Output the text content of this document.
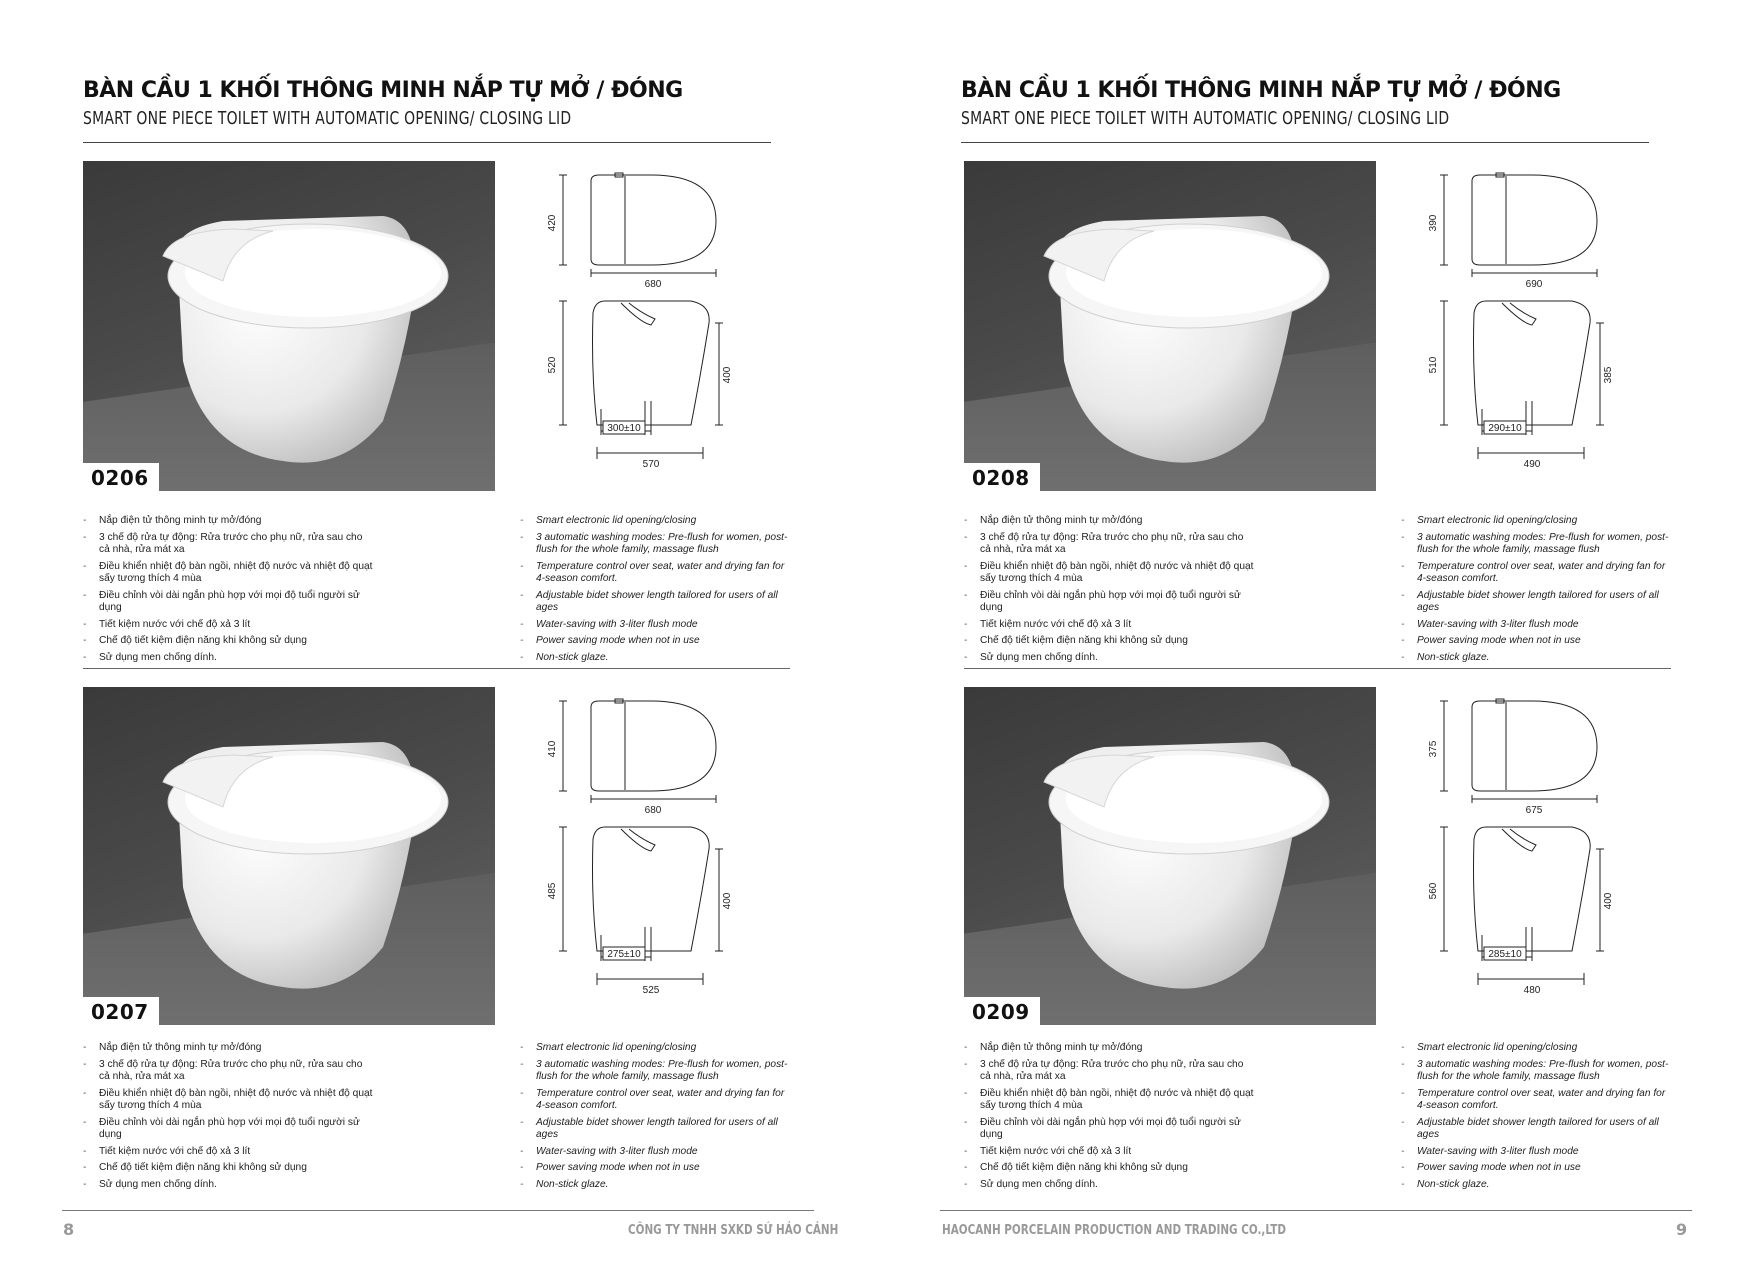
BÀN CẦU 1 KHỐI THÔNG MINH NẮP TỰ MỞ / ĐÓNG
SMART ONE PIECE TOILET WITH AUTOMATIC OPENING/ CLOSING LID
BÀN CẦU 1 KHỐI THÔNG MINH NẮP TỰ MỞ / ĐÓNG
SMART ONE PIECE TOILET WITH AUTOMATIC OPENING/ CLOSING LID
0206
420
680
520
400
300±10
570
- Nắp điện tử thông minh tự mở/đóng
- 3 chế độ rửa tự động: Rửa trước cho phụ nữ, rửa sau cho cả nhà, rửa mát xa
- Điều khiển nhiệt độ bàn ngồi, nhiệt độ nước và nhiệt độ quạt sấy tương thích 4 mùa
- Điều chỉnh vòi dài ngắn phù hợp với mọi độ tuổi người sử dụng
- Tiết kiệm nước với chế độ xả 3 lít
- Chế độ tiết kiệm điện năng khi không sử dụng
- Sử dụng men chống dính.
- Smart electronic lid opening/closing
- 3 automatic washing modes: Pre-flush for women, post-flush for the whole family, massage flush
- Temperature control over seat, water and drying fan for 4-season comfort.
- Adjustable bidet shower length tailored for users of all ages
- Water-saving with 3-liter flush mode
- Power saving mode when not in use
- Non-stick glaze.
0207
410
680
485
400
275±10
525
- Nắp điện tử thông minh tự mở/đóng
- 3 chế độ rửa tự động: Rửa trước cho phụ nữ, rửa sau cho cả nhà, rửa mát xa
- Điều khiển nhiệt độ bàn ngồi, nhiệt độ nước và nhiệt độ quạt sấy tương thích 4 mùa
- Điều chỉnh vòi dài ngắn phù hợp với mọi độ tuổi người sử dụng
- Tiết kiệm nước với chế độ xả 3 lít
- Chế độ tiết kiệm điện năng khi không sử dụng
- Sử dụng men chống dính.
- Smart electronic lid opening/closing
- 3 automatic washing modes: Pre-flush for women, post-flush for the whole family, massage flush
- Temperature control over seat, water and drying fan for 4-season comfort.
- Adjustable bidet shower length tailored for users of all ages
- Water-saving with 3-liter flush mode
- Power saving mode when not in use
- Non-stick glaze.
0208
390
690
510
385
290±10
490
- Nắp điện tử thông minh tự mở/đóng
- 3 chế độ rửa tự động: Rửa trước cho phụ nữ, rửa sau cho cả nhà, rửa mát xa
- Điều khiển nhiệt độ bàn ngồi, nhiệt độ nước và nhiệt độ quạt sấy tương thích 4 mùa
- Điều chỉnh vòi dài ngắn phù hợp với mọi độ tuổi người sử dụng
- Tiết kiệm nước với chế độ xả 3 lít
- Chế độ tiết kiệm điện năng khi không sử dụng
- Sử dụng men chống dính.
- Smart electronic lid opening/closing
- 3 automatic washing modes: Pre-flush for women, post-flush for the whole family, massage flush
- Temperature control over seat, water and drying fan for 4-season comfort.
- Adjustable bidet shower length tailored for users of all ages
- Water-saving with 3-liter flush mode
- Power saving mode when not in use
- Non-stick glaze.
0209
375
675
560
400
285±10
480
- Nắp điện tử thông minh tự mở/đóng
- 3 chế độ rửa tự động: Rửa trước cho phụ nữ, rửa sau cho cả nhà, rửa mát xa
- Điều khiển nhiệt độ bàn ngồi, nhiệt độ nước và nhiệt độ quạt sấy tương thích 4 mùa
- Điều chỉnh vòi dài ngắn phù hợp với mọi độ tuổi người sử dụng
- Tiết kiệm nước với chế độ xả 3 lít
- Chế độ tiết kiệm điện năng khi không sử dụng
- Sử dụng men chống dính.
- Smart electronic lid opening/closing
- 3 automatic washing modes: Pre-flush for women, post-flush for the whole family, massage flush
- Temperature control over seat, water and drying fan for 4-season comfort.
- Adjustable bidet shower length tailored for users of all ages
- Water-saving with 3-liter flush mode
- Power saving mode when not in use
- Non-stick glaze.
8	CÔNG TY TNHH SXKD SỨ HẢO CẢNH	HAOCANH PORCELAIN PRODUCTION AND TRADING CO.,LTD	9
